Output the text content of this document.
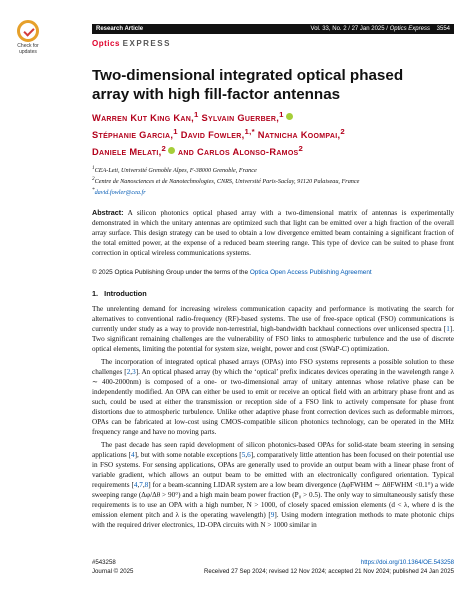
Check for
updates
Research Article	Vol. 33, No. 2 / 27 Jan 2025 / Optics Express 3554
Optics EXPRESS
Two-dimensional integrated optical phased array with high fill-factor antennas
Warren Kut King Kan,$^1$ Sylvain Guerber,$^1$
Stéphanie Garcia,$^1$ David Fowler,$^{1,*}$ Natnicha Koompai,$^2$
Daniele Melati,$^2$ and Carlos Alonso-Ramos$^2$
$^1$CEA-Leti, Université Grenoble Alpes, F-38000 Grenoble, France
$^2$Centre de Nanosciences et de Nanotechnologies, CNRS, Université Paris-Saclay, 91120 Palaiseau, France
*david.fowler@cea.fr
Abstract: A silicon photonics optical phased array with a two-dimensional matrix of antennas is experimentally demonstrated in which the unitary antennas are optimized such that light can be emitted over a high fraction of the overall array surface. This design strategy can be used to obtain a low divergence emitted beam containing a significant fraction of the total emitted power, at the expense of a reduced beam steering range. This type of device can be suited to phase front correction in optical wireless communications systems.
© 2025 Optica Publishing Group under the terms of the Optica Open Access Publishing Agreement
1.   Introduction

The unrelenting demand for increasing wireless communication capacity and performance is motivating the search for alternatives to conventional radio-frequency (RF)-based systems. The use of free-space optical (FSO) communications is currently under study as a way to provide non-terrestrial, high-bandwidth backhaul connections over unlicensed spectra [1]. Two significant remaining challenges are the vulnerability of FSO links to atmospheric turbulence and the use of discrete optical elements, limiting the potential for system size, weight, power and cost (SWaP-C) optimization.

The incorporation of integrated optical phased arrays (OPAs) into FSO systems represents a possible solution to these challenges [2,3]. An optical phased array (by which the ‘optical’ prefix indicates devices operating in the wavelength range λ ∼ 400-2000nm) is composed of a one- or two-dimensional array of unitary antennas whose relative phase can be independently modified. An OPA can either be used to emit or receive an optical field with an arbitrary phase front and as such, could be used at either the transmission or reception side of a FSO link to actively compensate for phase front distortions due to atmospheric turbulence. Unlike other adaptive phase front correction devices such as deformable mirrors, OPAs can be fabricated at low-cost using CMOS-compatible silicon photonics technology, can be operated in the MHz frequency range and have no moving parts.

The past decade has seen rapid development of silicon photonics-based OPAs for solid-state beam steering in sensing applications [4], but with some notable exceptions [5,6], comparatively little attention has been focused on their potential use in FSO systems. For sensing applications, OPAs are generally used to provide an output beam with a linear phase front of variable gradient, which allows an output beam to be emitted with an electronically configured orientation. Typical requirements [4,7,8] for a beam-scanning LIDAR system are a low beam divergence (ΔφFWHM ∼ ΔθFWHM <0.1°) a wide sweeping range (Δφ/Δθ > 90°) and a high main beam power fraction (P₀ > 0.5). The only way to simultaneously satisfy these requirements is to use an OPA with a high number, N > 1000, of closely spaced emission elements (d < λ, where d is the emission element pitch and λ is the operating wavelength) [9]. Using modern integration methods to mate photonic chips with the required driver electronics, 1D-OPA circuits with N > 1000 similar in

#543258	https://doi.org/10.1364/OE.543258
Journal © 2025	Received 27 Sep 2024; revised 12 Nov 2024; accepted 21 Nov 2024; published 24 Jan 2025
